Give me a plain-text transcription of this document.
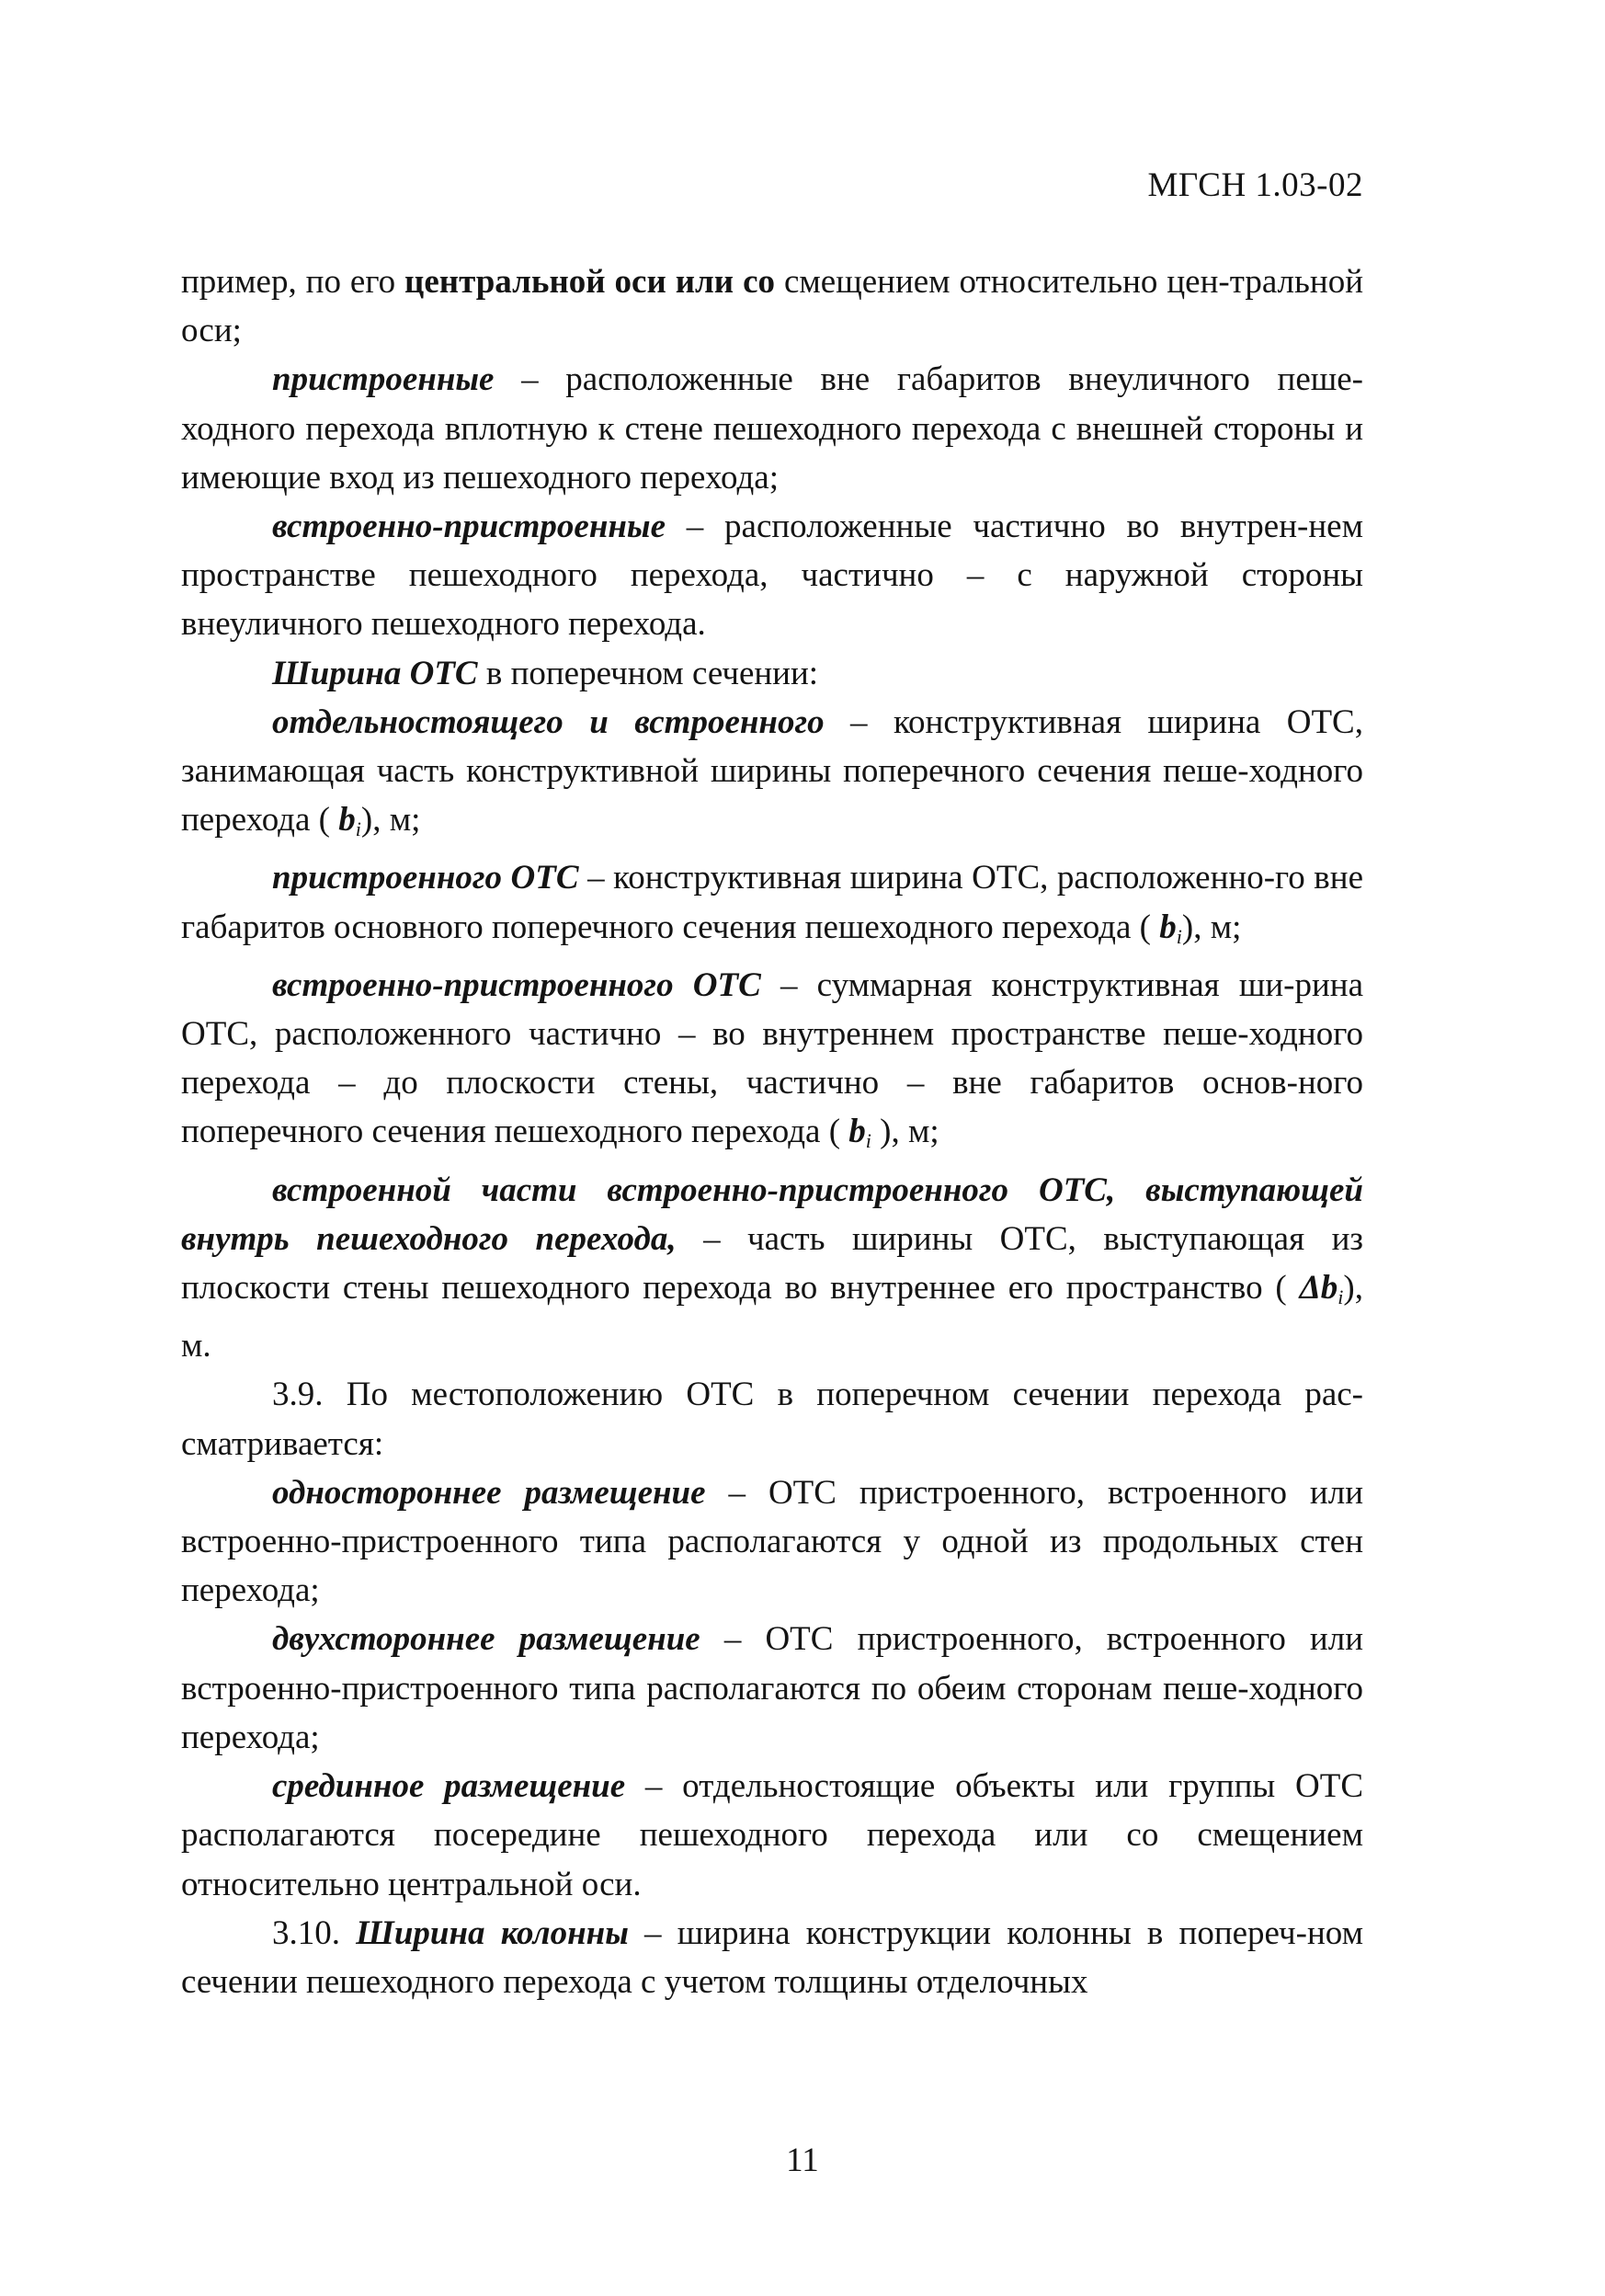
МГСН 1.03-02

пример, по его центральной оси или со смещением относительно цен-тральной оси;

пристроенные – расположенные вне габаритов внеуличного пеше-ходного перехода вплотную к стене пешеходного перехода с внешней стороны и имеющие вход из пешеходного перехода;

встроенно-пристроенные – расположенные частично во внутрен-нем пространстве пешеходного перехода, частично – с наружной стороны внеуличного пешеходного перехода.

Ширина ОТС в поперечном сечении:

отдельностоящего и встроенного – конструктивная ширина ОТС, занимающая часть конструктивной ширины поперечного сечения пеше-ходного перехода ( $b_i$), м;

пристроенного ОТС – конструктивная ширина ОТС, расположенно-го вне габаритов основного поперечного сечения пешеходного перехода ( $b_i$), м;

встроенно-пристроенного ОТС – суммарная конструктивная ши-рина ОТС, расположенного частично – во внутреннем пространстве пеше-ходного перехода – до плоскости стены, частично – вне габаритов основ-ного поперечного сечения пешеходного перехода ( $b_i$ ), м;

встроенной части встроенно-пристроенного ОТС, выступающей внутрь пешеходного перехода, – часть ширины ОТС, выступающая из плоскости стены пешеходного перехода во внутреннее его пространство ( $\Delta b_i$), м.

3.9. По местоположению ОТС в поперечном сечении перехода рас-сматривается:

одностороннее размещение – ОТС пристроенного, встроенного или встроенно-пристроенного типа располагаются у одной из продольных стен перехода;

двухстороннее размещение – ОТС пристроенного, встроенного или встроенно-пристроенного типа располагаются по обеим сторонам пеше-ходного перехода;

срединное размещение – отдельностоящие объекты или группы ОТС располагаются посередине пешеходного перехода или со смещением относительно центральной оси.

3.10. Ширина колонны – ширина конструкции колонны в попереч-ном сечении пешеходного перехода с учетом толщины отделочных

11
